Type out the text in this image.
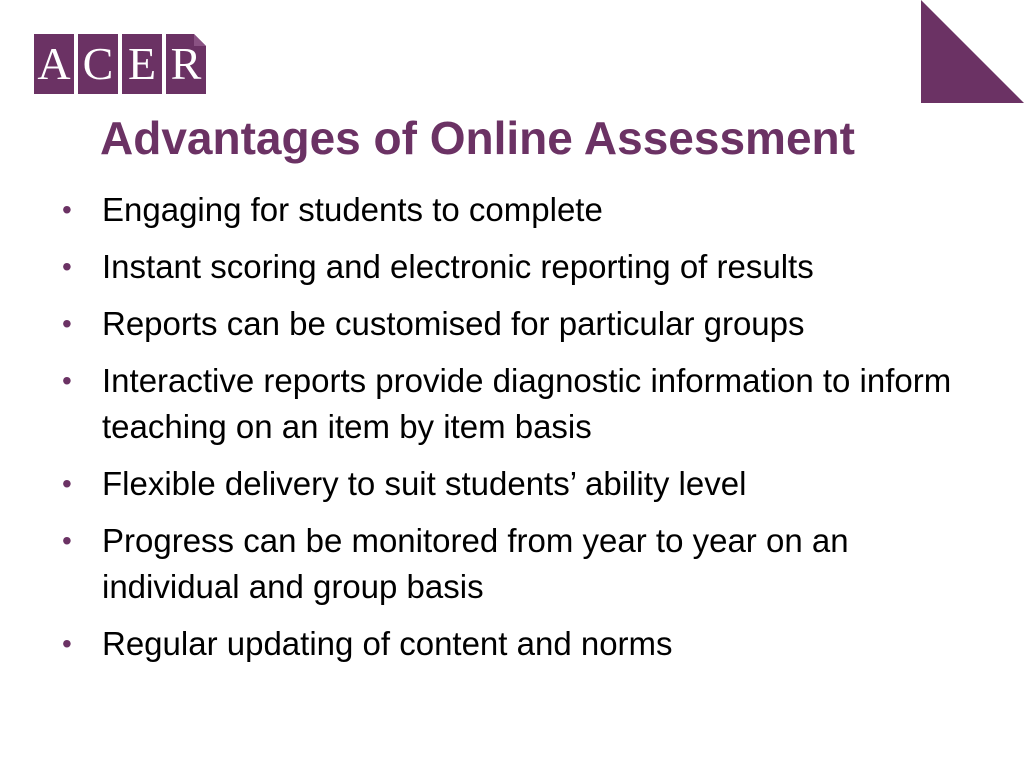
A C E R
Advantages of Online Assessment
• Engaging for students to complete
• Instant scoring and electronic reporting of results
• Reports can be customised for particular groups
• Interactive reports provide diagnostic information to inform teaching on an item by item basis
• Flexible delivery to suit students’ ability level
• Progress can be monitored from year to year on an individual and group basis
• Regular updating of content and norms
